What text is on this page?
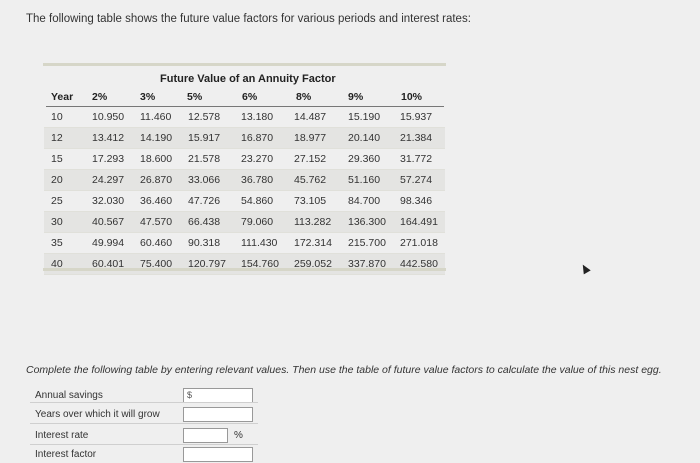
The following table shows the future value factors for various periods and interest rates:
Future Value of an Annuity Factor
Year 2%	3%	5%	6%	8%	9%	10%
10	10.950 11.460 12.578 13.180 14.487 15.190 15.937
12	13.412 14.190 15.917 16.870 18.977 20.140 21.384
15	17.293 18.600 21.578 23.270 27.152 29.360 31.772
20	24.297 26.870 33.066 36.780 45.762 51.160 57.274
25	32.030 36.460 47.726 54.860 73.105 84.700 98.346
30	40.567 47.570 66.438 79.060 113.282 136.300 164.491
35	49.994 60.460 90.318 111.430 172.314 215.700 271.018
40	60.401 75.400 120.797 154.760 259.052 337.870 442.580
Complete the following table by entering relevant values. Then use the table of future value factors to calculate the value of this nest egg.
Annual savings	$
Years over which it will grow
Interest rate	%
Interest factor
